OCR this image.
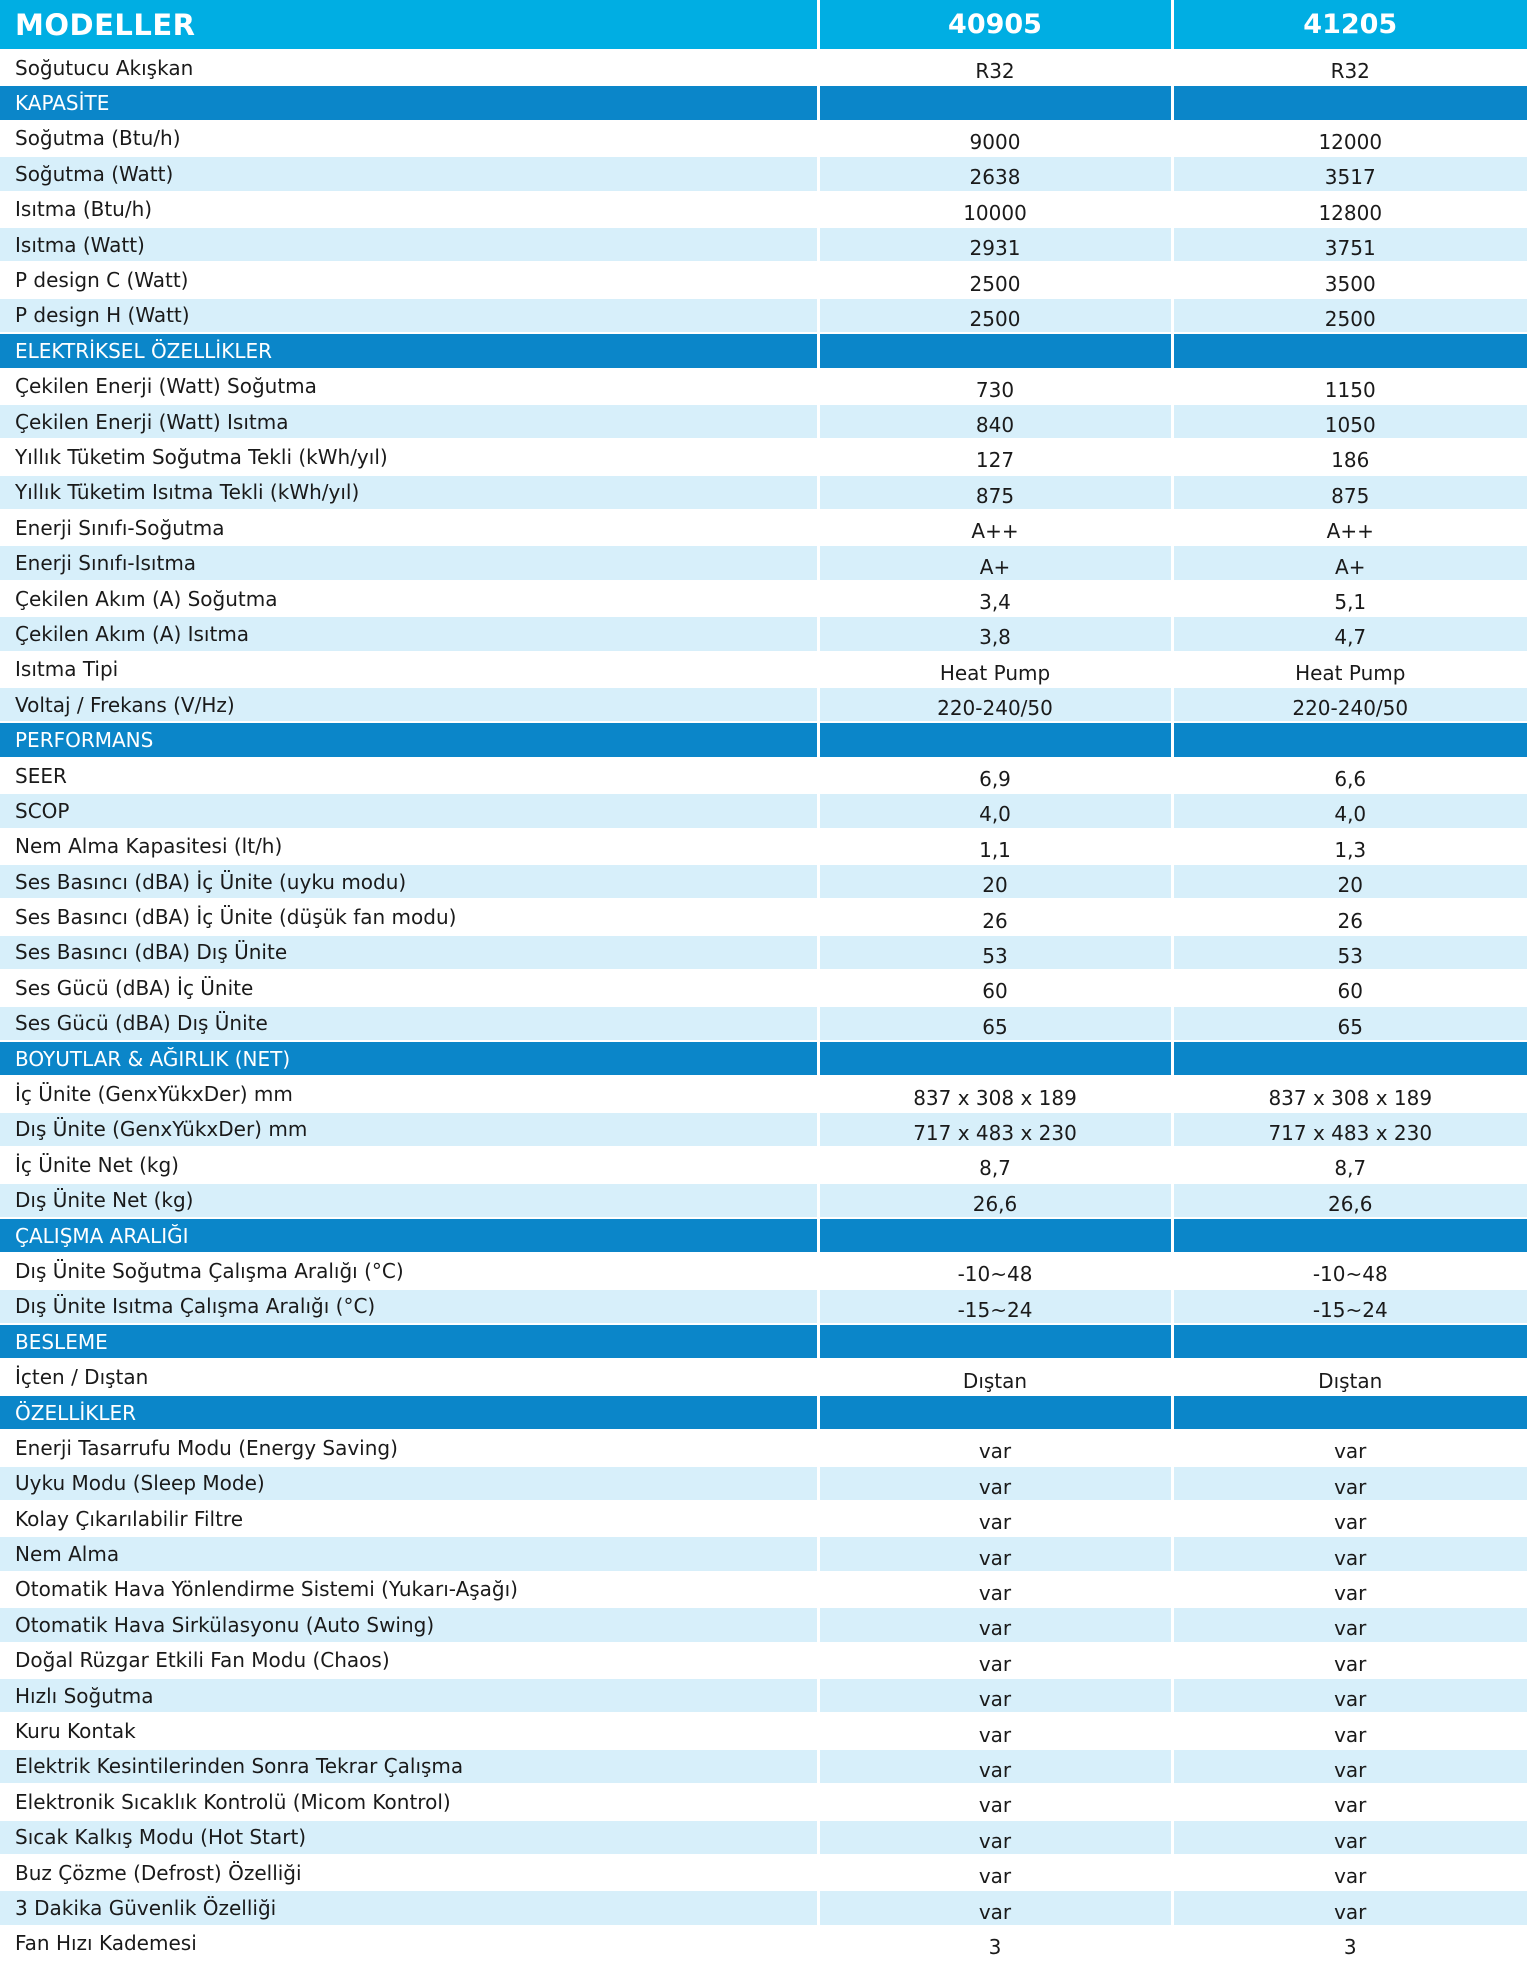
MODELLER	40905	41205
Soğutucu Akışkan	R32	R32
KAPASİTE		
Soğutma (Btu/h)	9000	12000
Soğutma (Watt)	2638	3517
Isıtma (Btu/h)	10000	12800
Isıtma (Watt)	2931	3751
P design C (Watt)	2500	3500
P design H (Watt)	2500	2500
ELEKTRİKSEL ÖZELLİKLER		
Çekilen Enerji (Watt) Soğutma	730	1150
Çekilen Enerji (Watt) Isıtma	840	1050
Yıllık Tüketim Soğutma Tekli (kWh/yıl)	127	186
Yıllık Tüketim Isıtma Tekli (kWh/yıl)	875	875
Enerji Sınıfı-Soğutma	A++	A++
Enerji Sınıfı-Isıtma	A+	A+
Çekilen Akım (A) Soğutma	3,4	5,1
Çekilen Akım (A) Isıtma	3,8	4,7
Isıtma Tipi	Heat Pump	Heat Pump
Voltaj / Frekans (V/Hz)	220-240/50	220-240/50
PERFORMANS		
SEER	6,9	6,6
SCOP	4,0	4,0
Nem Alma Kapasitesi (lt/h)	1,1	1,3
Ses Basıncı (dBA) İç Ünite (uyku modu)	20	20
Ses Basıncı (dBA) İç Ünite (düşük fan modu)	26	26
Ses Basıncı (dBA) Dış Ünite	53	53
Ses Gücü (dBA) İç Ünite	60	60
Ses Gücü (dBA) Dış Ünite	65	65
BOYUTLAR & AĞIRLIK (NET)		
İç Ünite (GenxYükxDer) mm	837 x 308 x 189	837 x 308 x 189
Dış Ünite (GenxYükxDer) mm	717 x 483 x 230	717 x 483 x 230
İç Ünite Net (kg)	8,7	8,7
Dış Ünite Net (kg)	26,6	26,6
ÇALIŞMA ARALIĞI		
Dış Ünite Soğutma Çalışma Aralığı (°C)	-10~48	-10~48
Dış Ünite Isıtma Çalışma Aralığı (°C)	-15~24	-15~24
BESLEME		
İçten / Dıştan	Dıştan	Dıştan
ÖZELLİKLER		
Enerji Tasarrufu Modu (Energy Saving)	var	var
Uyku Modu (Sleep Mode)	var	var
Kolay Çıkarılabilir Filtre	var	var
Nem Alma	var	var
Otomatik Hava Yönlendirme Sistemi (Yukarı-Aşağı)	var	var
Otomatik Hava Sirkülasyonu (Auto Swing)	var	var
Doğal Rüzgar Etkili Fan Modu (Chaos)	var	var
Hızlı Soğutma	var	var
Kuru Kontak	var	var
Elektrik Kesintilerinden Sonra Tekrar Çalışma	var	var
Elektronik Sıcaklık Kontrolü (Micom Kontrol)	var	var
Sıcak Kalkış Modu (Hot Start)	var	var
Buz Çözme (Defrost) Özelliği	var	var
3 Dakika Güvenlik Özelliği	var	var
Fan Hızı Kademesi	3	3
